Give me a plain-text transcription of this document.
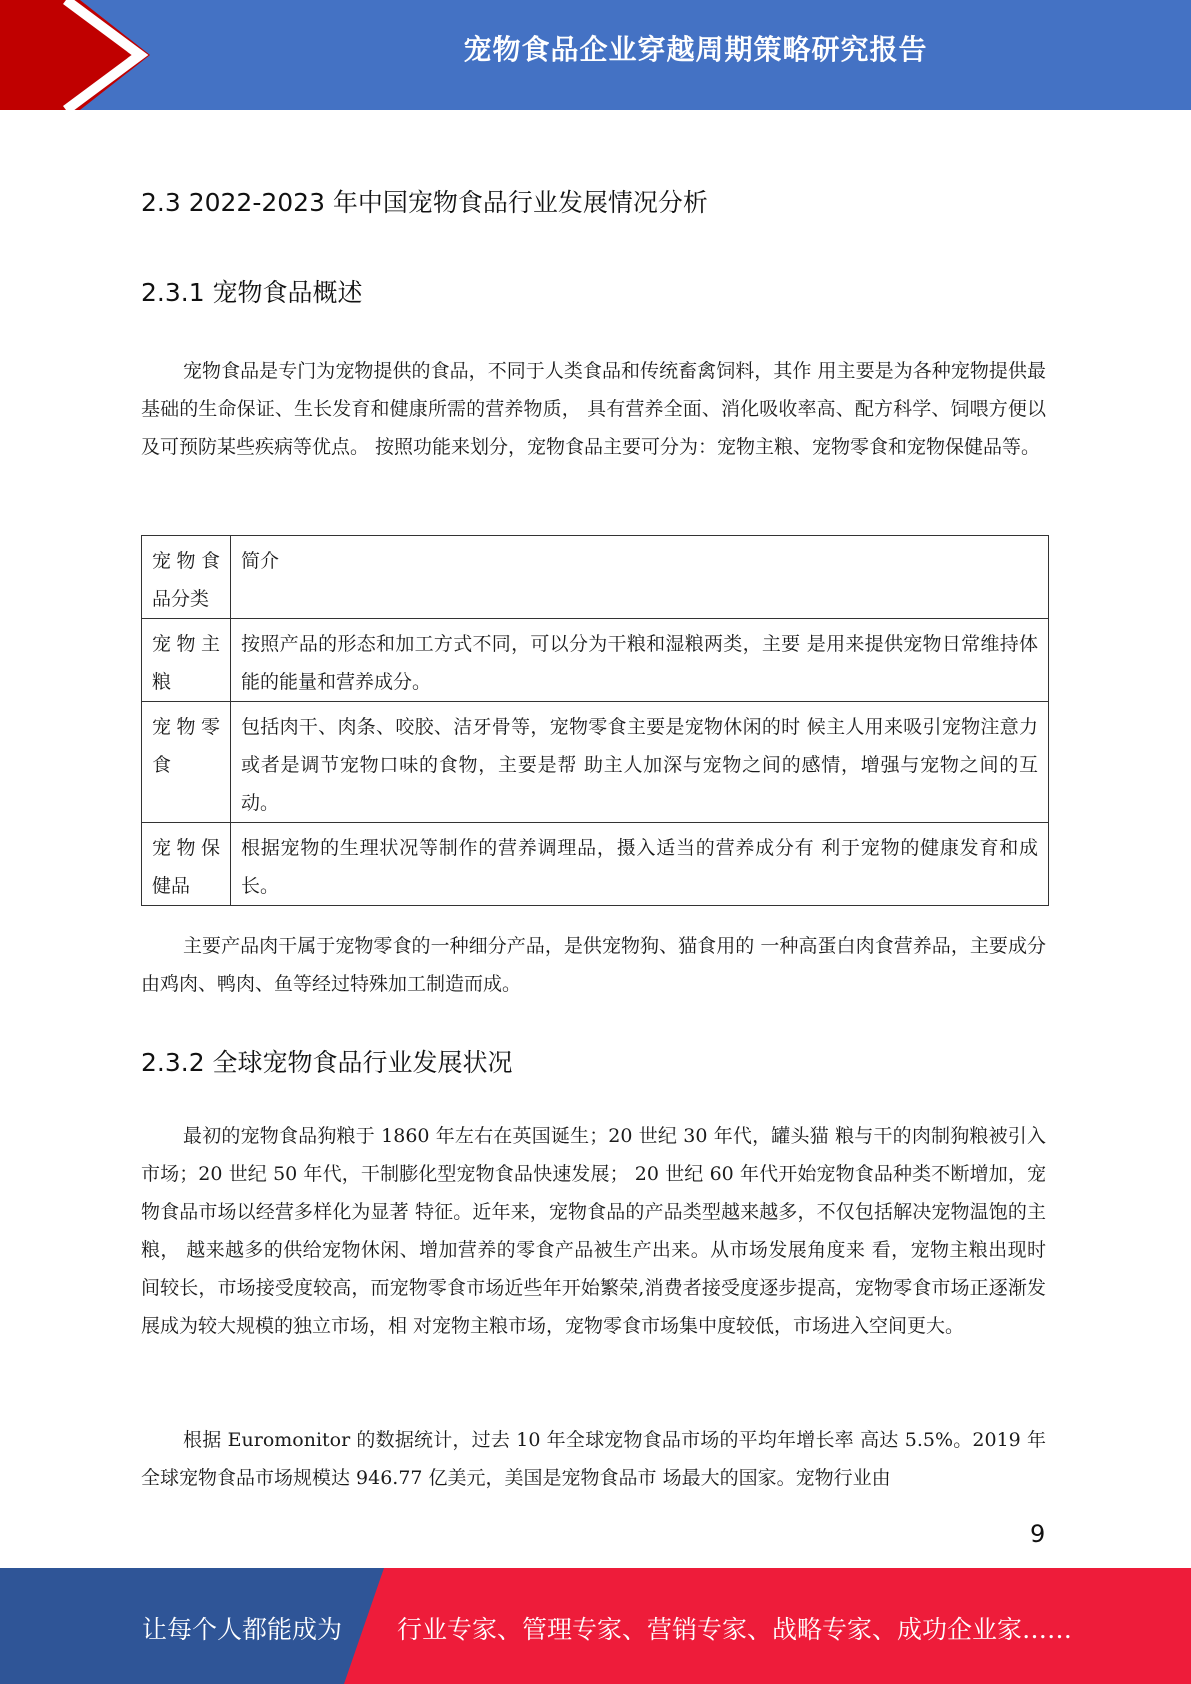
宠物食品企业穿越周期策略研究报告
2.3 2022-2023 年中国宠物食品行业发展情况分析
2.3.1 宠物食品概述
宠物食品是专门为宠物提供的食品，不同于人类食品和传统畜禽饲料，其作 用主要是为各种宠物提供最基础的生命保证、生长发育和健康所需的营养物质， 具有营养全面、消化吸收率高、配方科学、饲喂方便以及可预防某些疾病等优点。 按照功能来划分，宠物食品主要可分为：宠物主粮、宠物零食和宠物保健品等。
宠物食品分类	简介
宠物主粮	按照产品的形态和加工方式不同，可以分为干粮和湿粮两类，主要 是用来提供宠物日常维持体能的能量和营养成分。
宠物零食	包括肉干、肉条、咬胶、洁牙骨等，宠物零食主要是宠物休闲的时 候主人用来吸引宠物注意力或者是调节宠物口味的食物，主要是帮 助主人加深与宠物之间的感情，增强与宠物之间的互动。
宠物保健品	根据宠物的生理状况等制作的营养调理品，摄入适当的营养成分有 利于宠物的健康发育和成长。
主要产品肉干属于宠物零食的一种细分产品，是供宠物狗、猫食用的 一种高蛋白肉食营养品，主要成分由鸡肉、鸭肉、鱼等经过特殊加工制造而成。
2.3.2 全球宠物食品行业发展状况
最初的宠物食品狗粮于 1860 年左右在英国诞生；20 世纪 30 年代，罐头猫 粮与干的肉制狗粮被引入市场；20 世纪 50 年代，干制膨化型宠物食品快速发展； 20 世纪 60 年代开始宠物食品种类不断增加，宠物食品市场以经营多样化为显著 特征。近年来，宠物食品的产品类型越来越多，不仅包括解决宠物温饱的主粮， 越来越多的供给宠物休闲、增加营养的零食产品被生产出来。从市场发展角度来 看，宠物主粮出现时间较长，市场接受度较高，而宠物零食市场近些年开始繁荣,消费者接受度逐步提高，宠物零食市场正逐渐发展成为较大规模的独立市场，相 对宠物主粮市场，宠物零食市场集中度较低，市场进入空间更大。
根据 Euromonitor 的数据统计，过去 10 年全球宠物食品市场的平均年增长率 高达 5.5%。2019 年全球宠物食品市场规模达 946.77 亿美元，美国是宠物食品市 场最大的国家。宠物行业由
9
让每个人都能成为 行业专家、管理专家、营销专家、战略专家、成功企业家……
